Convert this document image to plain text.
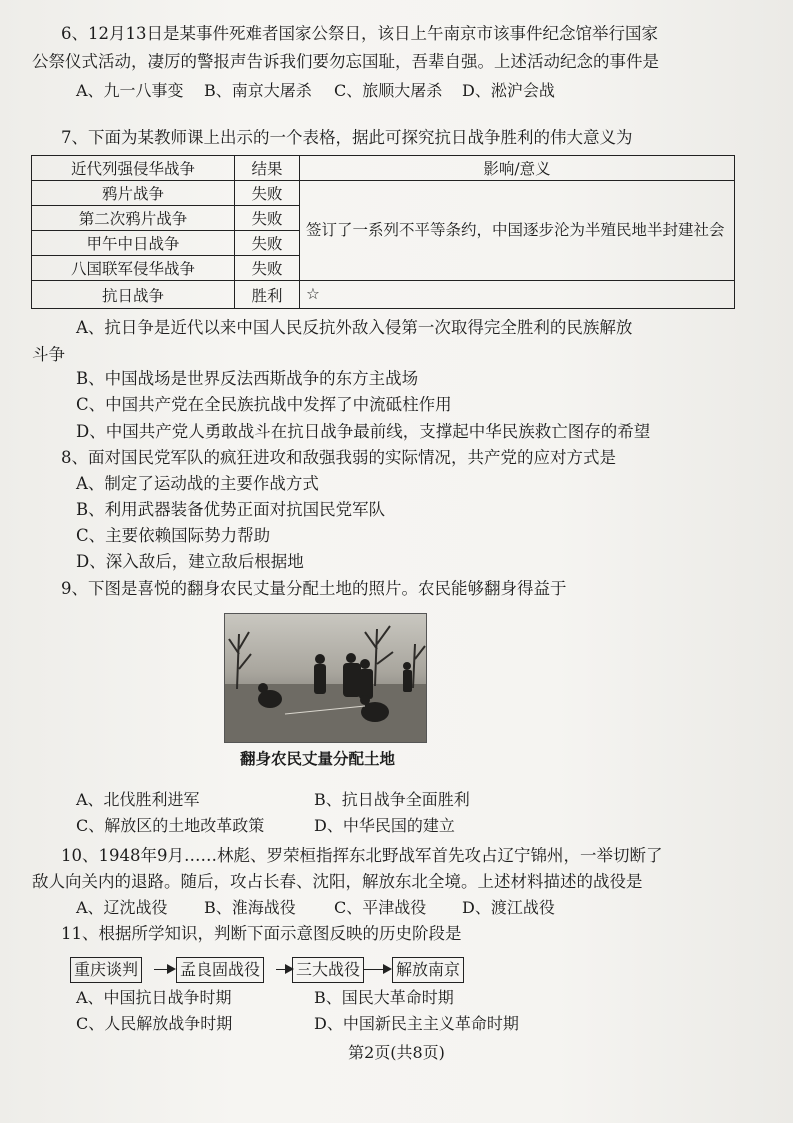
6、12月13日是某事件死难者国家公祭日，该日上午南京市该事件纪念馆举行国家
公祭仪式活动，凄厉的警报声告诉我们要勿忘国耻，吾辈自强。上述活动纪念的事件是
A、九一八事变	B、南京大屠杀	C、旅顺大屠杀	D、淞沪会战
7、下面为某教师课上出示的一个表格，据此可探究抗日战争胜利的伟大意义为
近代列强侵华战争	结果	影响/意义
鸦片战争	失败	签订了一系列不平等条约，中国逐步沦为半殖民地半封建社会
第二次鸦片战争	失败	
甲午中日战争	失败	
八国联军侵华战争	失败	
抗日战争	胜利	☆
A、抗日争是近代以来中国人民反抗外敌入侵第一次取得完全胜利的民族解放
斗争
B、中国战场是世界反法西斯战争的东方主战场
C、中国共产党在全民族抗战中发挥了中流砥柱作用
D、中国共产党人勇敢战斗在抗日战争最前线，支撑起中华民族救亡图存的希望
8、面对国民党军队的疯狂进攻和敌强我弱的实际情况，共产党的应对方式是
A、制定了运动战的主要作战方式
B、利用武器装备优势正面对抗国民党军队
C、主要依赖国际势力帮助
D、深入敌后，建立敌后根据地
9、下图是喜悦的翻身农民丈量分配土地的照片。农民能够翻身得益于
翻身农民丈量分配土地
A、北伐胜利进军	B、抗日战争全面胜利
C、解放区的土地改革政策	D、中华民国的建立
10、1948年9月……林彪、罗荣桓指挥东北野战军首先攻占辽宁锦州，一举切断了
敌人向关内的退路。随后，攻占长春、沈阳，解放东北全境。上述材料描述的战役是
A、辽沈战役	B、淮海战役	C、平津战役	D、渡江战役
11、根据所学知识，判断下面示意图反映的历史阶段是
重庆谈判	孟良固战役 三大战役 解放南京
A、中国抗日战争时期	B、国民大革命时期
C、人民解放战争时期	D、中国新民主主义革命时期
第2页(共8页)
